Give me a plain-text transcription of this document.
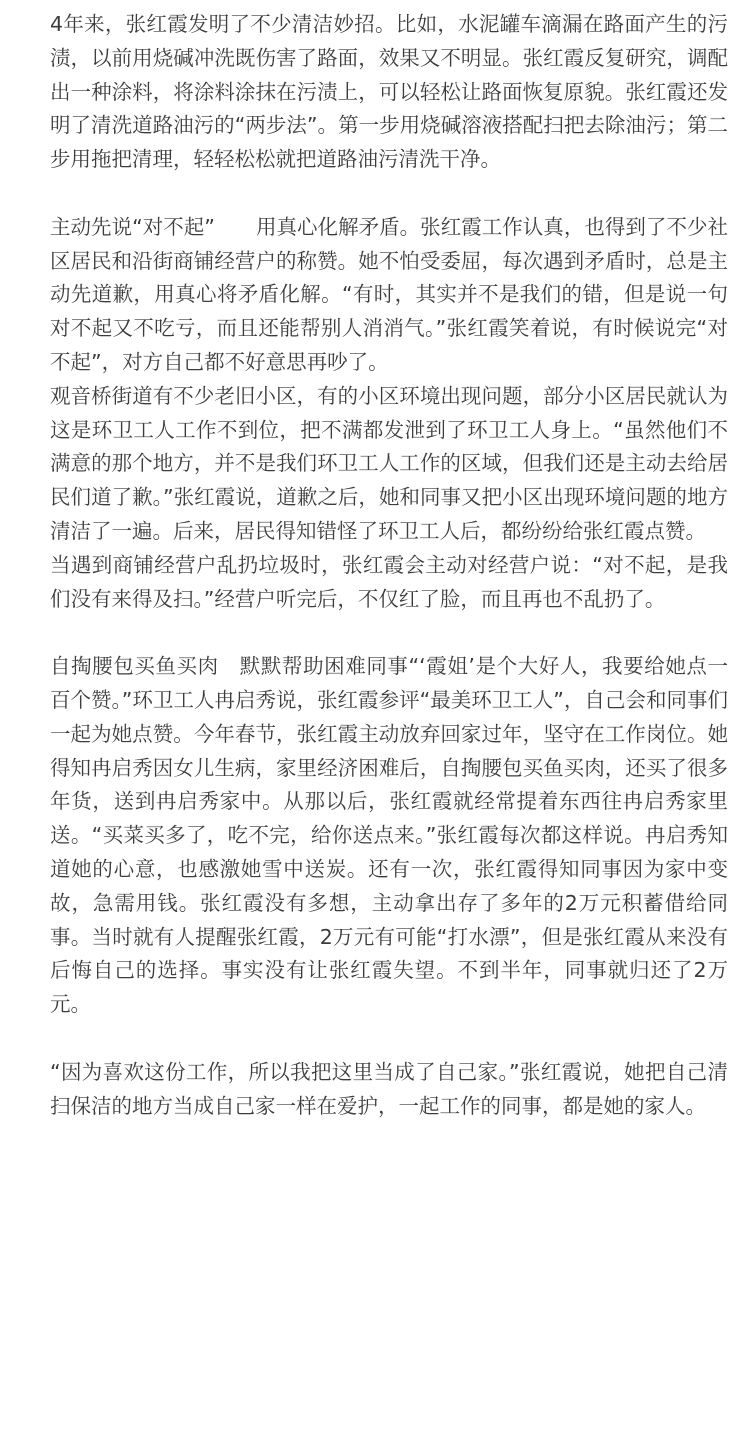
4年来，张红霞发明了不少清洁妙招。比如，水泥罐车滴漏在路面产生的污渍，以前用烧碱冲洗既伤害了路面，效果又不明显。张红霞反复研究，调配出一种涂料，将涂料涂抹在污渍上，可以轻松让路面恢复原貌。张红霞还发明了清洗道路油污的“两步法”。第一步用烧碱溶液搭配扫把去除油污；第二步用拖把清理，轻轻松松就把道路油污清洗干净。

主动先说“对不起”　　用真心化解矛盾。张红霞工作认真，也得到了不少社区居民和沿街商铺经营户的称赞。她不怕受委屈，每次遇到矛盾时，总是主动先道歉，用真心将矛盾化解。“有时，其实并不是我们的错，但是说一句对不起又不吃亏，而且还能帮别人消消气。”张红霞笑着说，有时候说完“对不起”，对方自己都不好意思再吵了。

观音桥街道有不少老旧小区，有的小区环境出现问题，部分小区居民就认为这是环卫工人工作不到位，把不满都发泄到了环卫工人身上。“虽然他们不满意的那个地方，并不是我们环卫工人工作的区域，但我们还是主动去给居民们道了歉。”张红霞说，道歉之后，她和同事又把小区出现环境问题的地方清洁了一遍。后来，居民得知错怪了环卫工人后，都纷纷给张红霞点赞。

当遇到商铺经营户乱扔垃圾时，张红霞会主动对经营户说：“对不起，是我们没有来得及扫。”经营户听完后，不仅红了脸，而且再也不乱扔了。

自掏腰包买鱼买肉　默默帮助困难同事“‘霞姐’是个大好人，我要给她点一百个赞。”环卫工人冉启秀说，张红霞参评“最美环卫工人”，自己会和同事们一起为她点赞。今年春节，张红霞主动放弃回家过年，坚守在工作岗位。她得知冉启秀因女儿生病，家里经济困难后，自掏腰包买鱼买肉，还买了很多年货，送到冉启秀家中。从那以后，张红霞就经常提着东西往冉启秀家里送。“买菜买多了，吃不完，给你送点来。”张红霞每次都这样说。冉启秀知道她的心意，也感激她雪中送炭。还有一次，张红霞得知同事因为家中变故，急需用钱。张红霞没有多想，主动拿出存了多年的2万元积蓄借给同事。当时就有人提醒张红霞，2万元有可能“打水漂”，但是张红霞从来没有后悔自己的选择。事实没有让张红霞失望。不到半年，同事就归还了2万元。

“因为喜欢这份工作，所以我把这里当成了自己家。”张红霞说，她把自己清扫保洁的地方当成自己家一样在爱护，一起工作的同事，都是她的家人。
